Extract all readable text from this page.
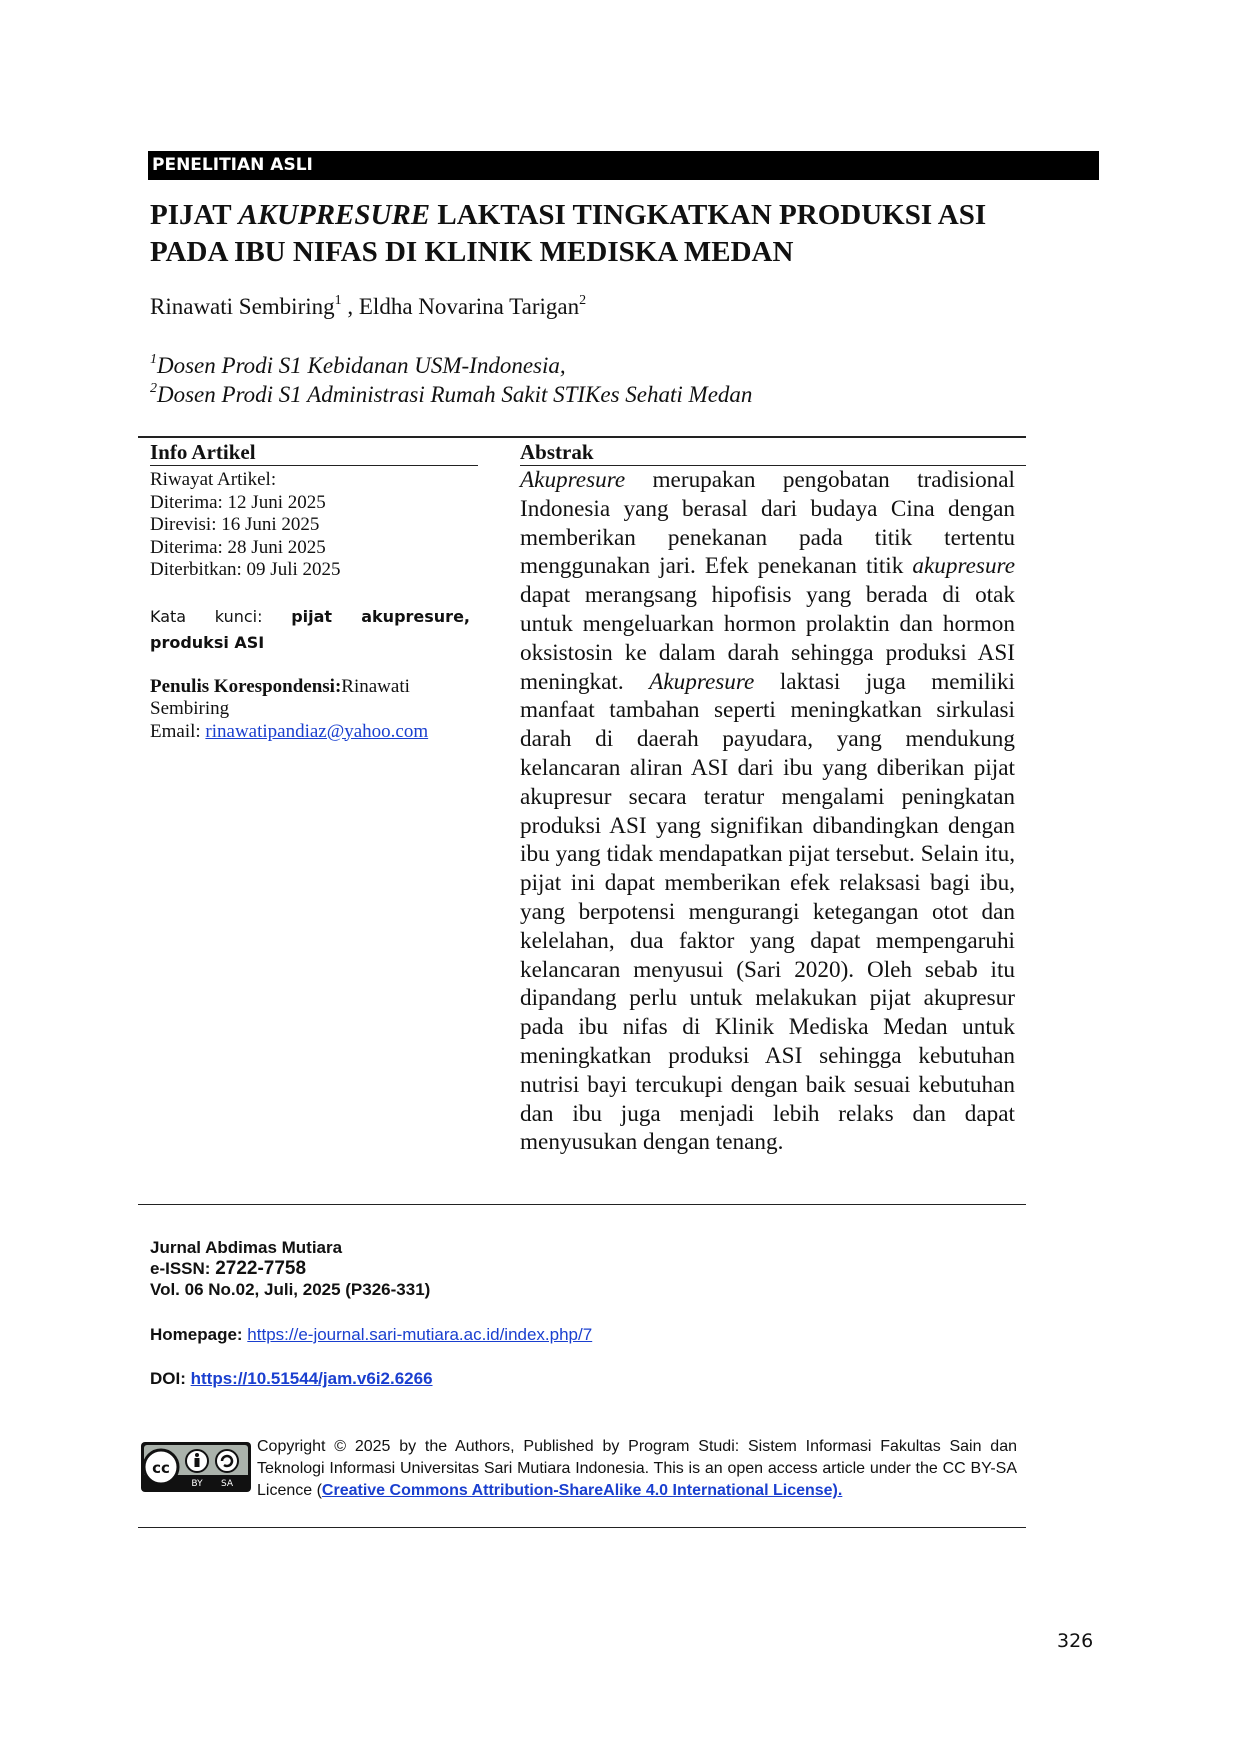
PENELITIAN ASLI
PIJAT AKUPRESURE LAKTASI TINGKATKAN PRODUKSI ASI
PADA IBU NIFAS DI KLINIK MEDISKA MEDAN
Rinawati Sembiring$^1$ , Eldha Novarina Tarigan$^2$
$^1$Dosen Prodi S1 Kebidanan USM-Indonesia,
$^2$Dosen Prodi S1 Administrasi Rumah Sakit STIKes Sehati Medan
Info Artikel	Abstrak
Riwayat Artikel:
Diterima: 12 Juni 2025
Direvisi: 16 Juni 2025
Diterima: 28 Juni 2025
Diterbitkan: 09 Juli 2025
Kata kunci: pijat akupresure, produksi ASI
Penulis Korespondensi:Rinawati Sembiring
Email: rinawatipandiaz@yahoo.com
Akupresure merupakan pengobatan tradisional Indonesia yang berasal dari budaya Cina dengan memberikan penekanan pada titik tertentu menggunakan jari. Efek penekanan titik akupresure dapat merangsang hipofisis yang berada di otak untuk mengeluarkan hormon prolaktin dan hormon oksistosin ke dalam darah sehingga produksi ASI meningkat. Akupresure laktasi juga memiliki manfaat tambahan seperti meningkatkan sirkulasi darah di daerah payudara, yang mendukung kelancaran aliran ASI dari ibu yang diberikan pijat akupresur secara teratur mengalami peningkatan produksi ASI yang signifikan dibandingkan dengan ibu yang tidak mendapatkan pijat tersebut. Selain itu, pijat ini dapat memberikan efek relaksasi bagi ibu, yang berpotensi mengurangi ketegangan otot dan kelelahan, dua faktor yang dapat mempengaruhi kelancaran menyusui (Sari 2020). Oleh sebab itu dipandang perlu untuk melakukan pijat akupresur pada ibu nifas di Klinik Mediska Medan untuk meningkatkan produksi ASI sehingga kebutuhan nutrisi bayi tercukupi dengan baik sesuai kebutuhan dan ibu juga menjadi lebih relaks dan dapat menyusukan dengan tenang.
Jurnal Abdimas Mutiara
e-ISSN: 2722-7758
Vol. 06 No.02, Juli, 2025 (P326-331)
Homepage: https://e-journal.sari-mutiara.ac.id/index.php/7
DOI: https://10.51544/jam.v6i2.6266
cc
BY SA
Copyright © 2025 by the Authors, Published by Program Studi: Sistem Informasi Fakultas Sain dan Teknologi Informasi Universitas Sari Mutiara Indonesia. This is an open access article under the CC BY-SA Licence (Creative Commons Attribution-ShareAlike 4.0 International License).
326
